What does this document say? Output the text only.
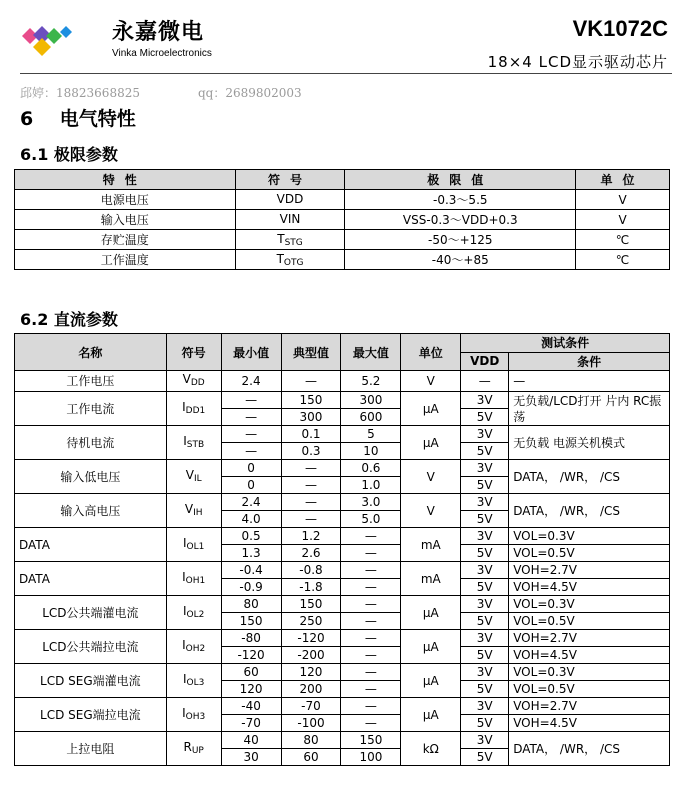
永嘉微电
Vinka Microelectronics
VK1072C
18×4 LCD显示驱动芯片
邱婷：18823668825	qq：2689802003
6 电气特性
6.1 极限参数
特性	符号	极限值	单位
电源电压	VDD	-0.3～5.5	V
输入电压	VIN	VSS-0.3～VDD+0.3	V
存贮温度	$T_{STG}$	-50～+125	℃
工作温度	$T_{OTG}$	-40～+85	℃
6.2 直流参数
名称	符号	最小值	典型值	最大值	单位	测试条件	
						VDD	条件
工作电压	$V_{DD}$	2.4	—	5.2	V	—	—
工作电流	$I_{DD1}$	—	150	300	μA	3V	无负载/LCD打开 片内 RC振荡
		—	300	600		5V	
待机电流	$I_{STB}$	—	0.1	5	μA	3V	无负载 电源关机模式
		—	0.3	10		5V	
输入低电压	$V_{IL}$	0	—	0.6	V	3V	DATA， /WR， /CS
		0	—	1.0		5V	
输入高电压	$V_{IH}$	2.4	—	3.0	V	3V	DATA， /WR， /CS
		4.0	—	5.0		5V	
DATA	$I_{OL1}$	0.5	1.2	—	mA	3V	VOL=0.3V
		1.3	2.6	—		5V	VOL=0.5V
DATA	$I_{OH1}$	-0.4	-0.8	—	mA	3V	VOH=2.7V
		-0.9	-1.8	—		5V	VOH=4.5V
LCD公共端灌电流	$I_{OL2}$	80	150	—	μA	3V	VOL=0.3V
		150	250	—		5V	VOL=0.5V
LCD公共端拉电流	$I_{OH2}$	-80	-120	—	μA	3V	VOH=2.7V
		-120	-200	—		5V	VOH=4.5V
LCD SEG端灌电流	$I_{OL3}$	60	120	—	μA	3V	VOL=0.3V
		120	200	—		5V	VOL=0.5V
LCD SEG端拉电流	$I_{OH3}$	-40	-70	—	μA	3V	VOH=2.7V
		-70	-100	—		5V	VOH=4.5V
上拉电阻	$R_{UP}$	40	80	150	kΩ	3V	DATA， /WR， /CS
		30	60	100		5V	
